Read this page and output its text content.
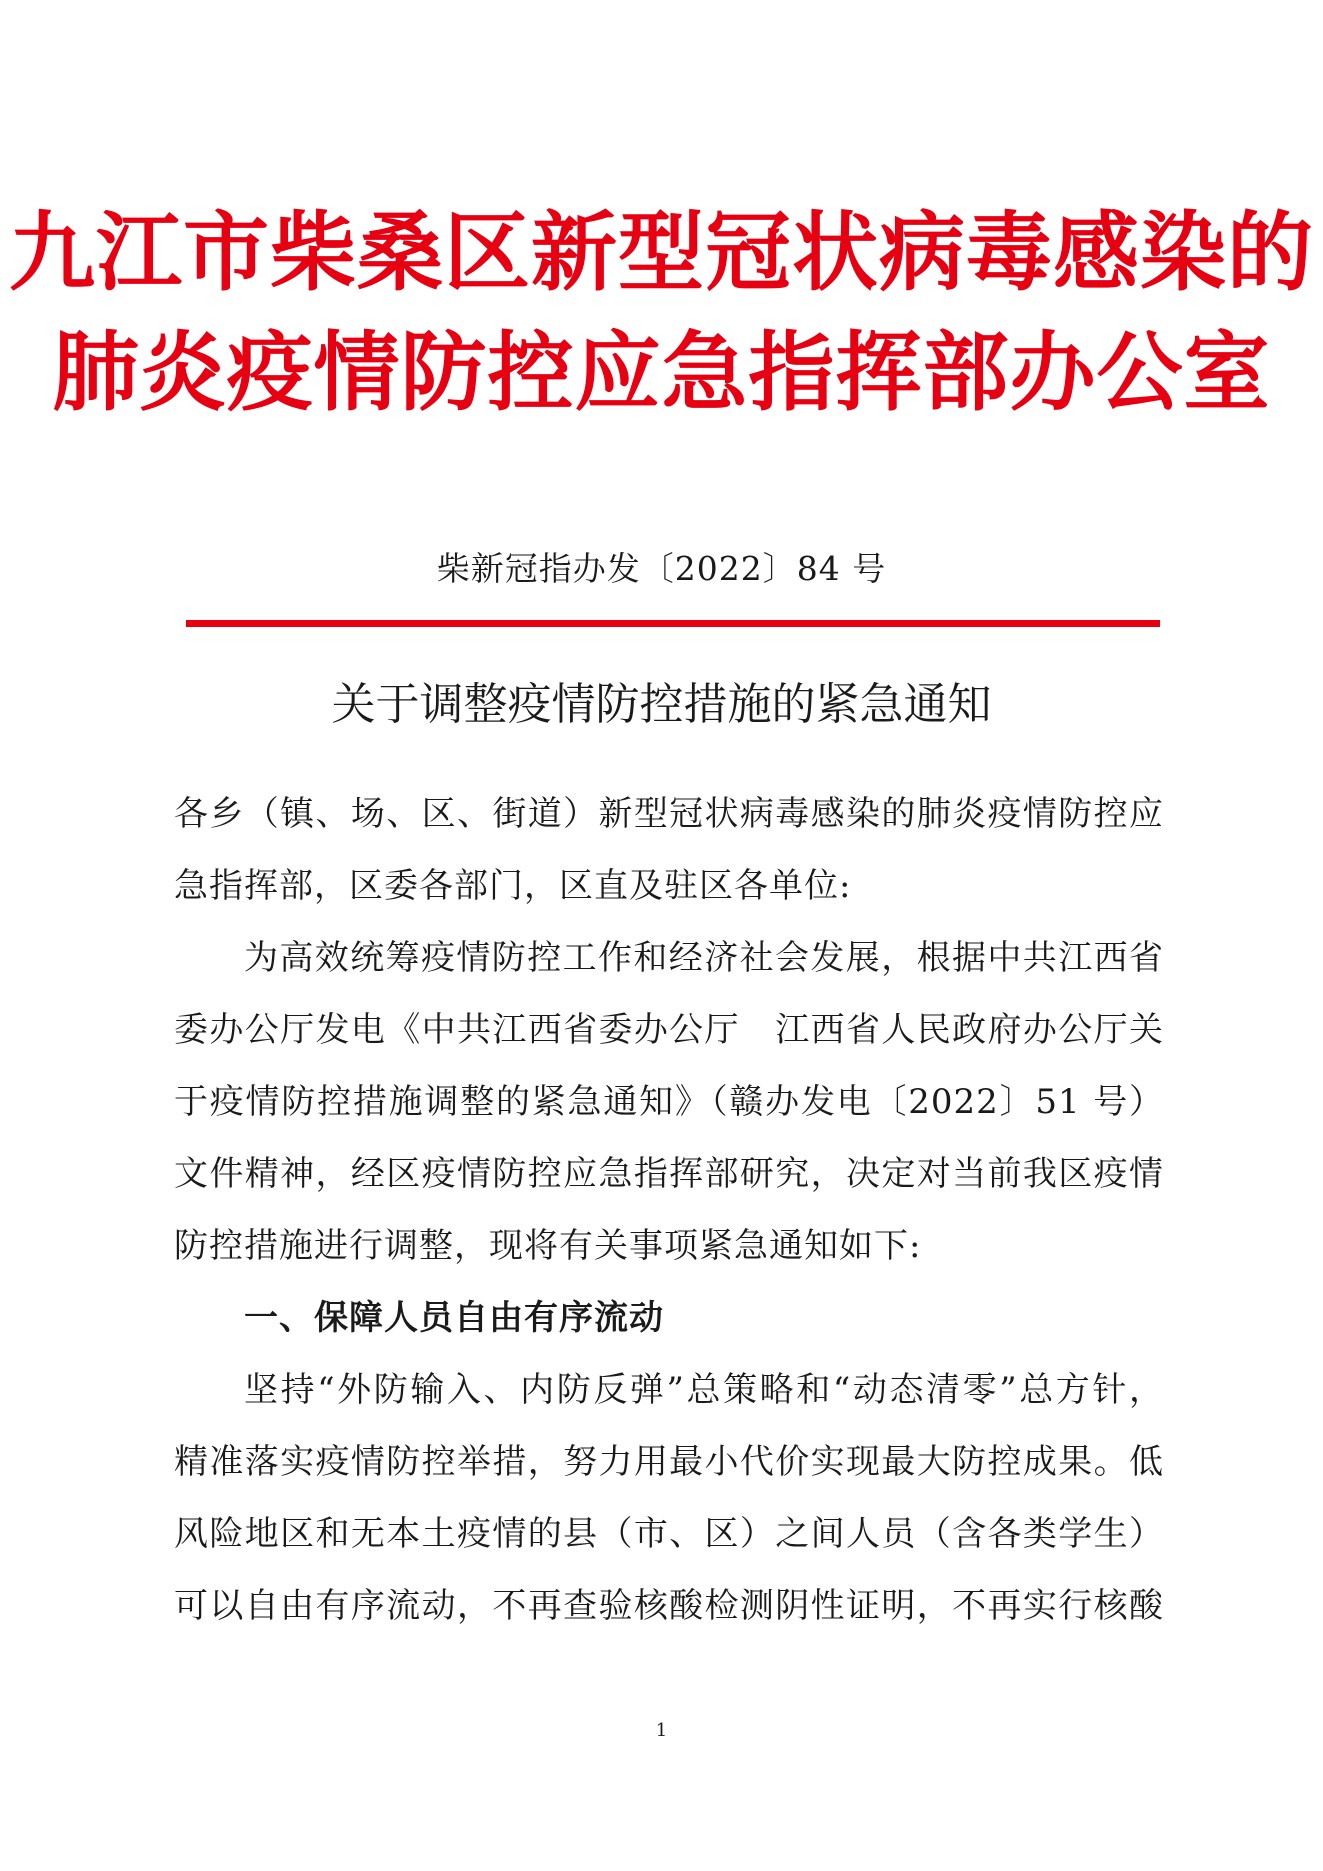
九江市柴桑区新型冠状病毒感染的
肺炎疫情防控应急指挥部办公室
柴新冠指办发〔2022〕84 号
关于调整疫情防控措施的紧急通知

各乡（镇、场、区、街道）新型冠状病毒感染的肺炎疫情防控应

急指挥部，区委各部门，区直及驻区各单位:

为高效统筹疫情防控工作和经济社会发展，根据中共江西省

委办公厅发电《中共江西省委办公厅　江西省人民政府办公厅关

于疫情防控措施调整的紧急通知》（赣办发电〔2022〕51 号）

文件精神，经区疫情防控应急指挥部研究，决定对当前我区疫情

防控措施进行调整，现将有关事项紧急通知如下:

一、保障人员自由有序流动

坚持“外防输入、内防反弹”总策略和“动态清零”总方针，

精准落实疫情防控举措，努力用最小代价实现最大防控成果。低

风险地区和无本土疫情的县（市、区）之间人员（含各类学生）

可以自由有序流动，不再查验核酸检测阴性证明，不再实行核酸

1
